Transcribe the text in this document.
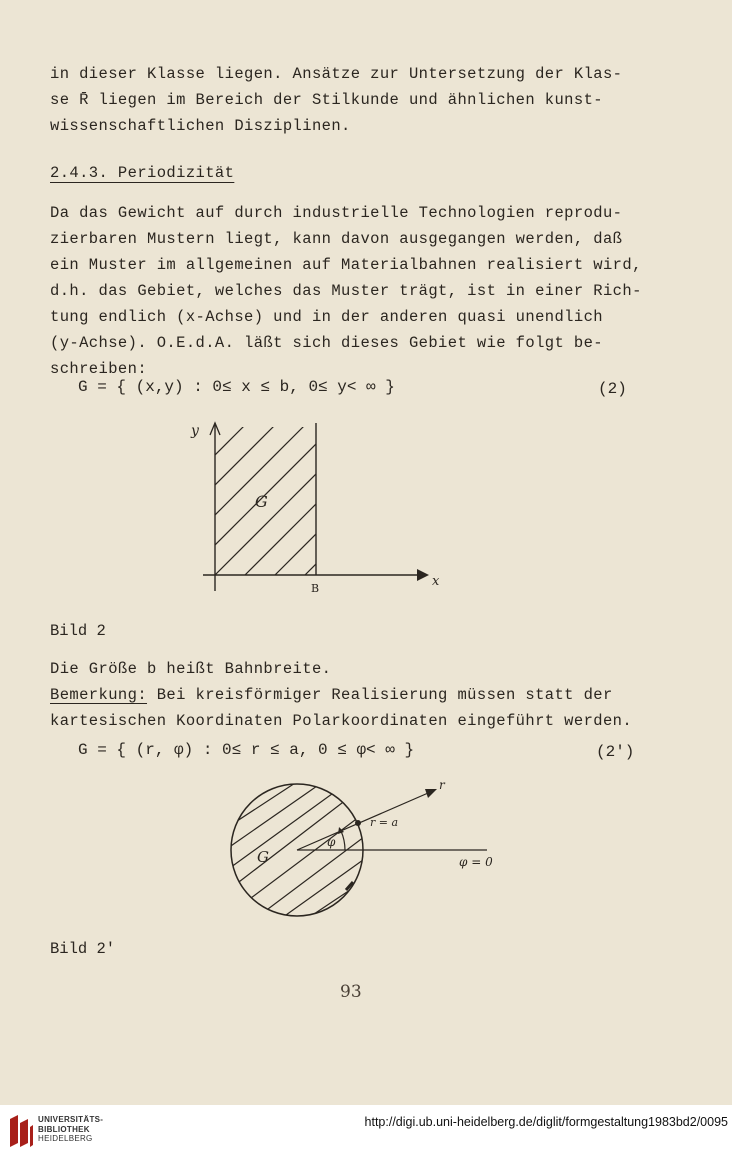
in dieser Klasse liegen. Ansätze zur Untersetzung der Klas-
se R̄ liegen im Bereich der Stilkunde und ähnlichen kunst-
wissenschaftlichen Disziplinen.
2.4.3. Periodizität
Da das Gewicht auf durch industrielle Technologien reprodu-
zierbaren Mustern liegt, kann davon ausgegangen werden, daß
ein Muster im allgemeinen auf Materialbahnen realisiert wird,
d.h. das Gebiet, welches das Muster trägt, ist in einer Rich-
tung endlich (x-Achse) und in der anderen quasi unendlich
(y-Achse). O.E.d.A. läßt sich dieses Gebiet wie folgt be-
schreiben:
G = { (x,y) : 0≤ x ≤ b, 0≤ y< ∞ }	(2)
y
x
G
B
Bild 2
Die Größe b heißt Bahnbreite.
Bemerkung: Bei kreisförmiger Realisierung müssen statt der
kartesischen Koordinaten Polarkoordinaten eingeführt werden.
G = { (r, φ) : 0≤ r ≤ a, 0 ≤ φ< ∞ }	(2')
G
r
r = a
φ
φ = 0
Bild 2'
93
UNIVERSITÄTS-
BIBLIOTHEK
HEIDELBERG
http://digi.ub.uni-heidelberg.de/diglit/formgestaltung1983bd2/0095
